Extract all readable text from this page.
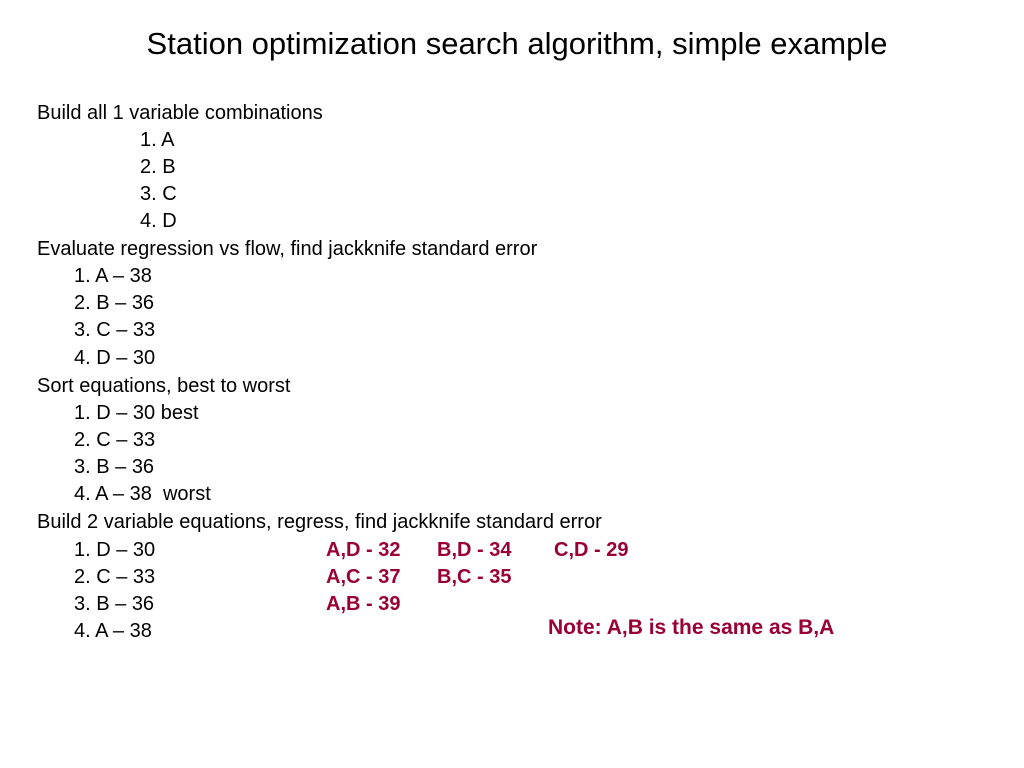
Station optimization search algorithm, simple example
Build all 1 variable combinations
1. A
2. B
3. C
4. D
Evaluate regression vs flow, find jackknife standard error
1. A – 38
2. B – 36
3. C – 33
4. D – 30
Sort equations, best to worst
1. D – 30 best
2. C – 33
3. B – 36
4. A – 38  worst
Build 2 variable equations, regress, find jackknife standard error
1. D – 30
2. C – 33
3. B – 36
4. A – 38
A,D - 32 B,D - 34 C,D - 29
A,C - 37 B,C - 35
A,B - 39
Note: A,B is the same as B,A
